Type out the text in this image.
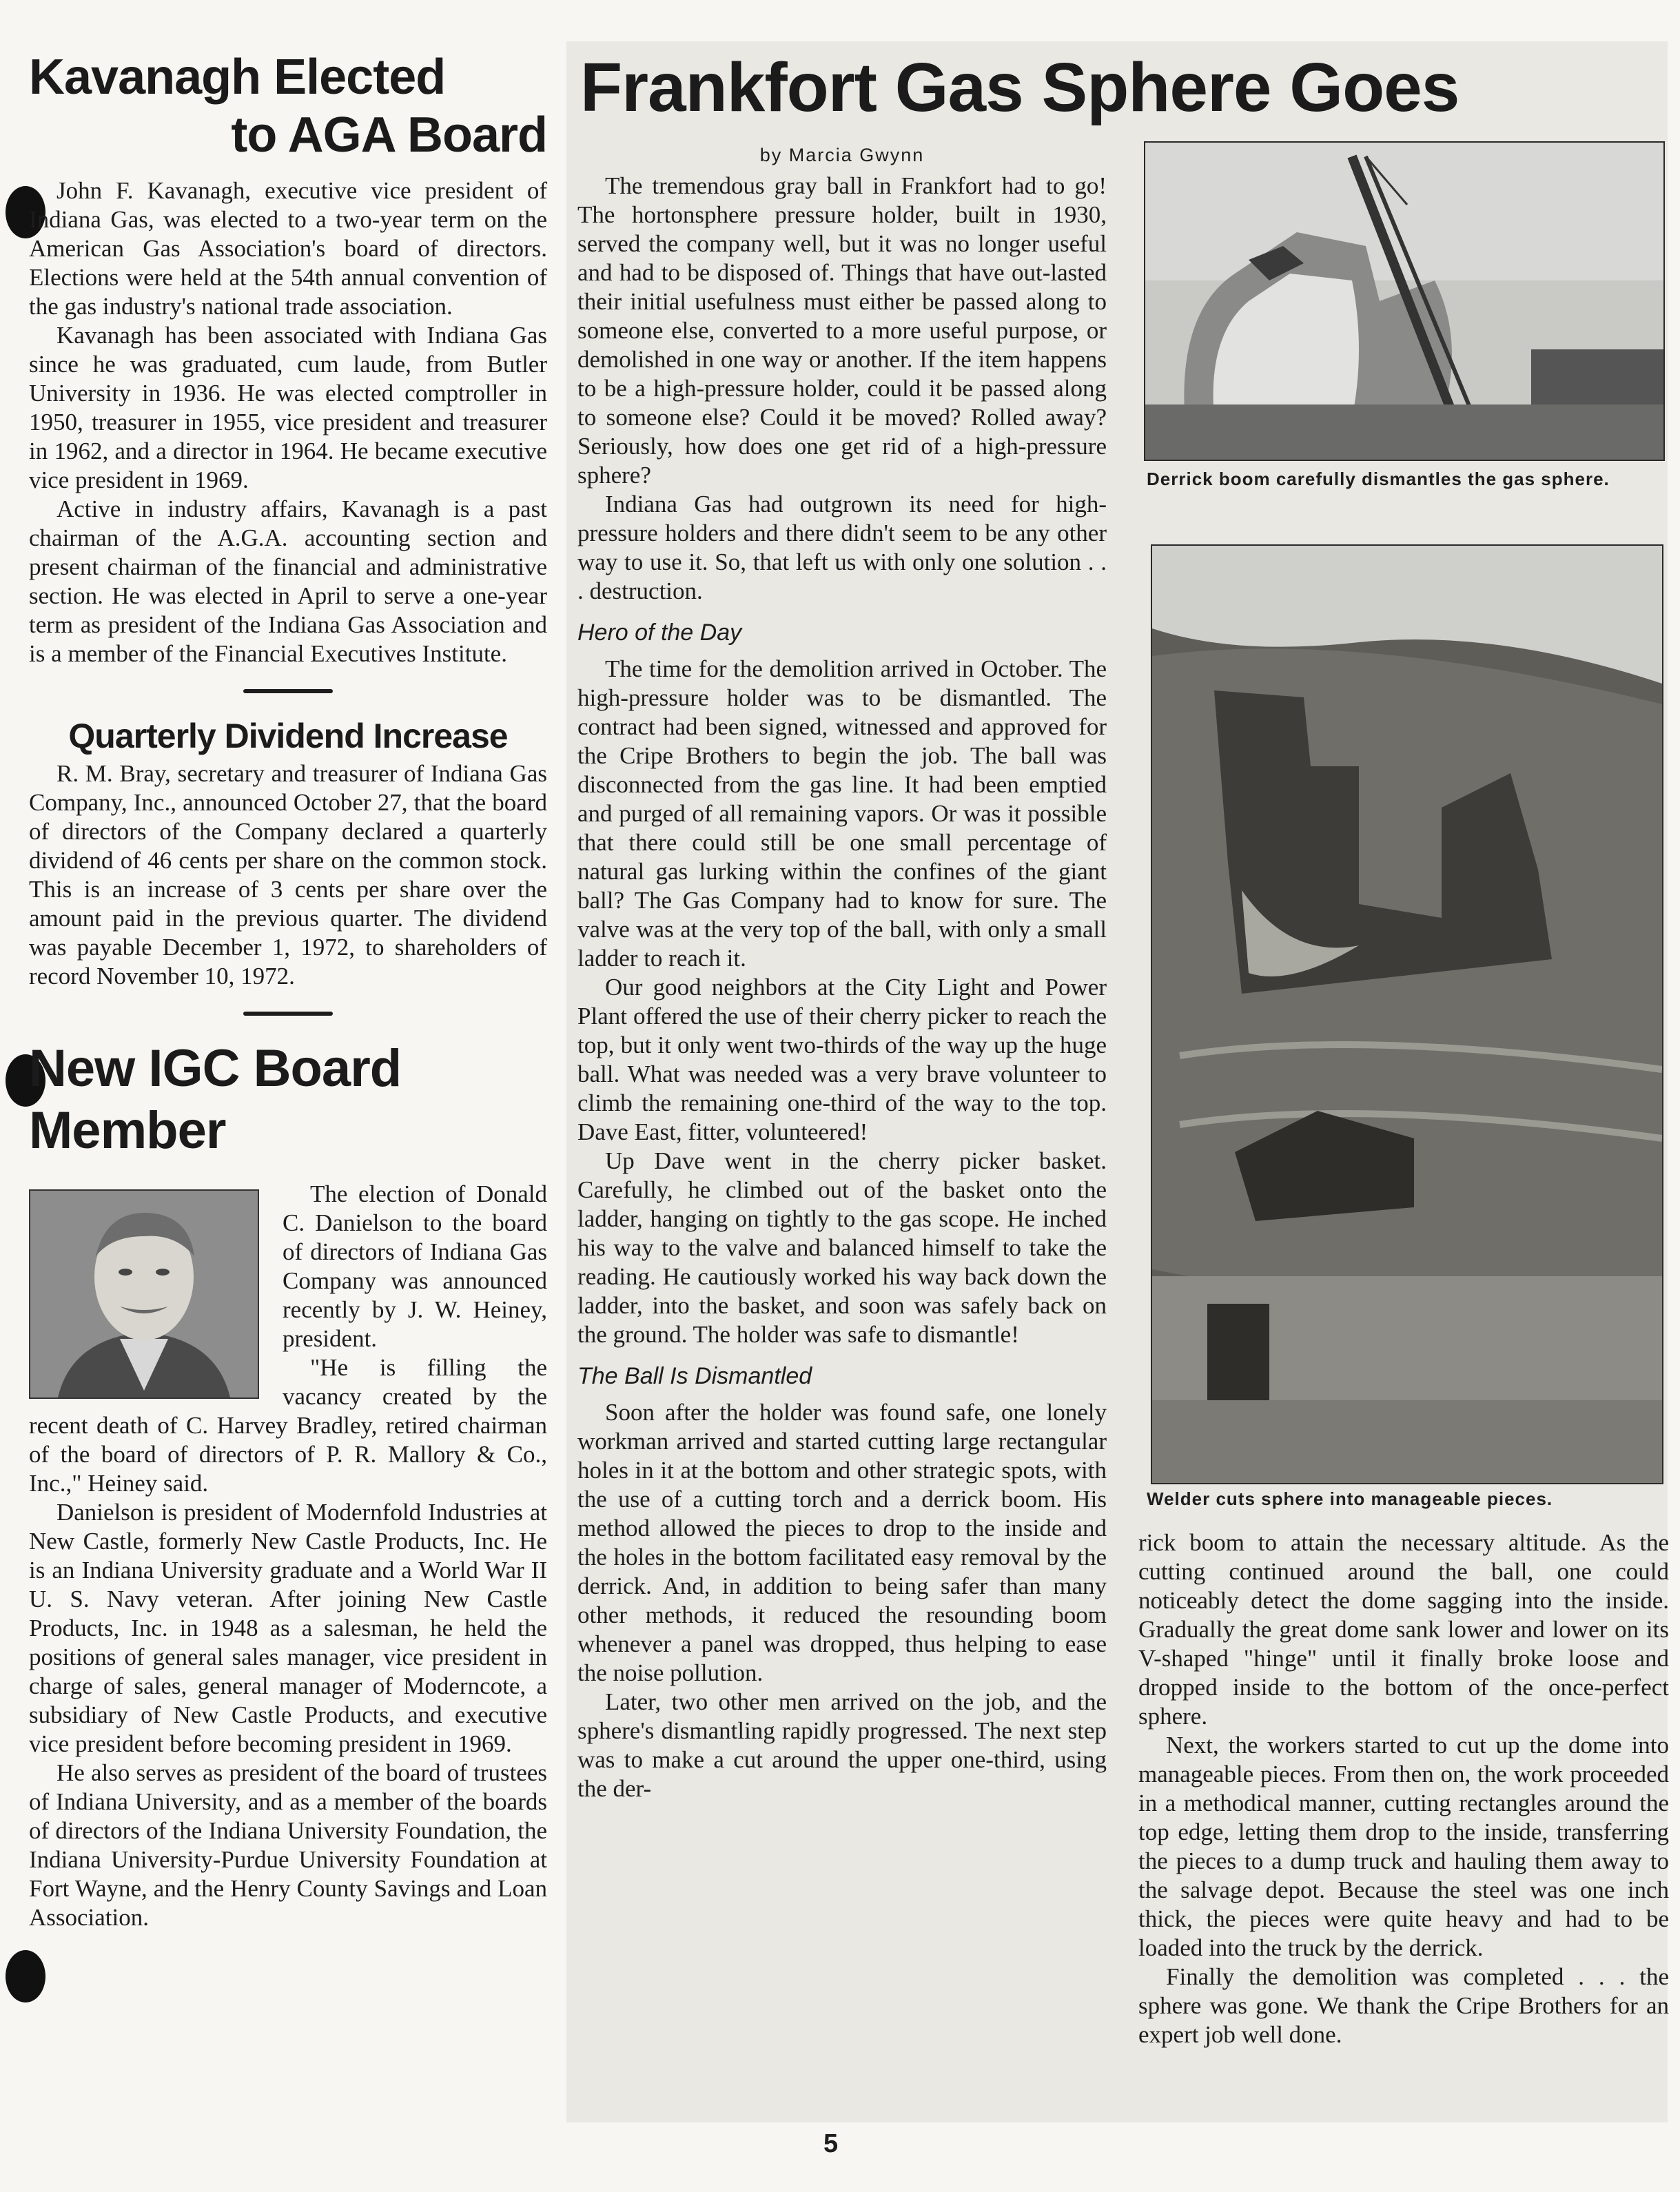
Kavanagh Elected
to AGA Board

John F. Kavanagh, executive vice president of Indiana Gas, was elected to a two-year term on the American Gas Association's board of directors. Elections were held at the 54th annual convention of the gas industry's national trade association.

Kavanagh has been associated with Indiana Gas since he was graduated, cum laude, from Butler University in 1936. He was elected comptroller in 1950, treasurer in 1955, vice president and treasurer in 1962, and a director in 1964. He became executive vice president in 1969.

Active in industry affairs, Kavanagh is a past chairman of the A.G.A. accounting section and present chairman of the financial and administrative section. He was elected in April to serve a one-year term as president of the Indiana Gas Association and is a member of the Financial Executives Institute.

Quarterly Dividend Increase

R. M. Bray, secretary and treasurer of Indiana Gas Company, Inc., announced October 27, that the board of directors of the Company declared a quarterly dividend of 46 cents per share on the common stock. This is an increase of 3 cents per share over the amount paid in the previous quarter. The dividend was payable December 1, 1972, to shareholders of record November 10, 1972.

New IGC Board Member

The election of Donald C. Danielson to the board of directors of Indiana Gas Company was announced recently by J. W. Heiney, president.

"He is filling the vacancy created by the recent death of C. Harvey Bradley, retired chairman of the board of directors of P. R. Mallory & Co., Inc.," Heiney said.

Danielson is president of Modernfold Industries at New Castle, formerly New Castle Products, Inc. He is an Indiana University graduate and a World War II U. S. Navy veteran. After joining New Castle Products, Inc. in 1948 as a salesman, he held the positions of general sales manager, vice president in charge of sales, general manager of Moderncote, a subsidiary of New Castle Products, and executive vice president before becoming president in 1969.

He also serves as president of the board of trustees of Indiana University, and as a member of the boards of directors of the Indiana University Foundation, the Indiana University-Purdue University Foundation at Fort Wayne, and the Henry County Savings and Loan Association.

Frankfort Gas Sphere Goes
by Marcia Gwynn

The tremendous gray ball in Frankfort had to go! The hortonsphere pressure holder, built in 1930, served the company well, but it was no longer useful and had to be disposed of. Things that have out-lasted their initial usefulness must either be passed along to someone else, converted to a more useful purpose, or demolished in one way or another. If the item happens to be a high-pressure holder, could it be passed along to someone else? Could it be moved? Rolled away? Seriously, how does one get rid of a high-pressure sphere?

Indiana Gas had outgrown its need for high-pressure holders and there didn't seem to be any other way to use it. So, that left us with only one solution . . . destruction.

Hero of the Day

The time for the demolition arrived in October. The high-pressure holder was to be dismantled. The contract had been signed, witnessed and approved for the Cripe Brothers to begin the job. The ball was disconnected from the gas line. It had been emptied and purged of all remaining vapors. Or was it possible that there could still be one small percentage of natural gas lurking within the confines of the giant ball? The Gas Company had to know for sure. The valve was at the very top of the ball, with only a small ladder to reach it.

Our good neighbors at the City Light and Power Plant offered the use of their cherry picker to reach the top, but it only went two-thirds of the way up the huge ball. What was needed was a very brave volunteer to climb the remaining one-third of the way to the top. Dave East, fitter, volunteered!

Up Dave went in the cherry picker basket. Carefully, he climbed out of the basket onto the ladder, hanging on tightly to the gas scope. He inched his way to the valve and balanced himself to take the reading. He cautiously worked his way back down the ladder, into the basket, and soon was safely back on the ground. The holder was safe to dismantle!

The Ball Is Dismantled

Soon after the holder was found safe, one lonely workman arrived and started cutting large rectangular holes in it at the bottom and other strategic spots, with the use of a cutting torch and a derrick boom. His method allowed the pieces to drop to the inside and the holes in the bottom facilitated easy removal by the derrick. And, in addition to being safer than many other methods, it reduced the resounding boom whenever a panel was dropped, thus helping to ease the noise pollution.

Later, two other men arrived on the job, and the sphere's dismantling rapidly progressed. The next step was to make a cut around the upper one-third, using the der-

Derrick boom carefully dismantles the gas sphere.
Welder cuts sphere into manageable pieces.

rick boom to attain the necessary altitude. As the cutting continued around the ball, one could noticeably detect the dome sagging into the inside. Gradually the great dome sank lower and lower on its V-shaped "hinge" until it finally broke loose and dropped inside to the bottom of the once-perfect sphere.

Next, the workers started to cut up the dome into manageable pieces. From then on, the work proceeded in a methodical manner, cutting rectangles around the top edge, letting them drop to the inside, transferring the pieces to a dump truck and hauling them away to the salvage depot. Because the steel was one inch thick, the pieces were quite heavy and had to be loaded into the truck by the derrick.

Finally the demolition was completed . . . the sphere was gone. We thank the Cripe Brothers for an expert job well done.

5
